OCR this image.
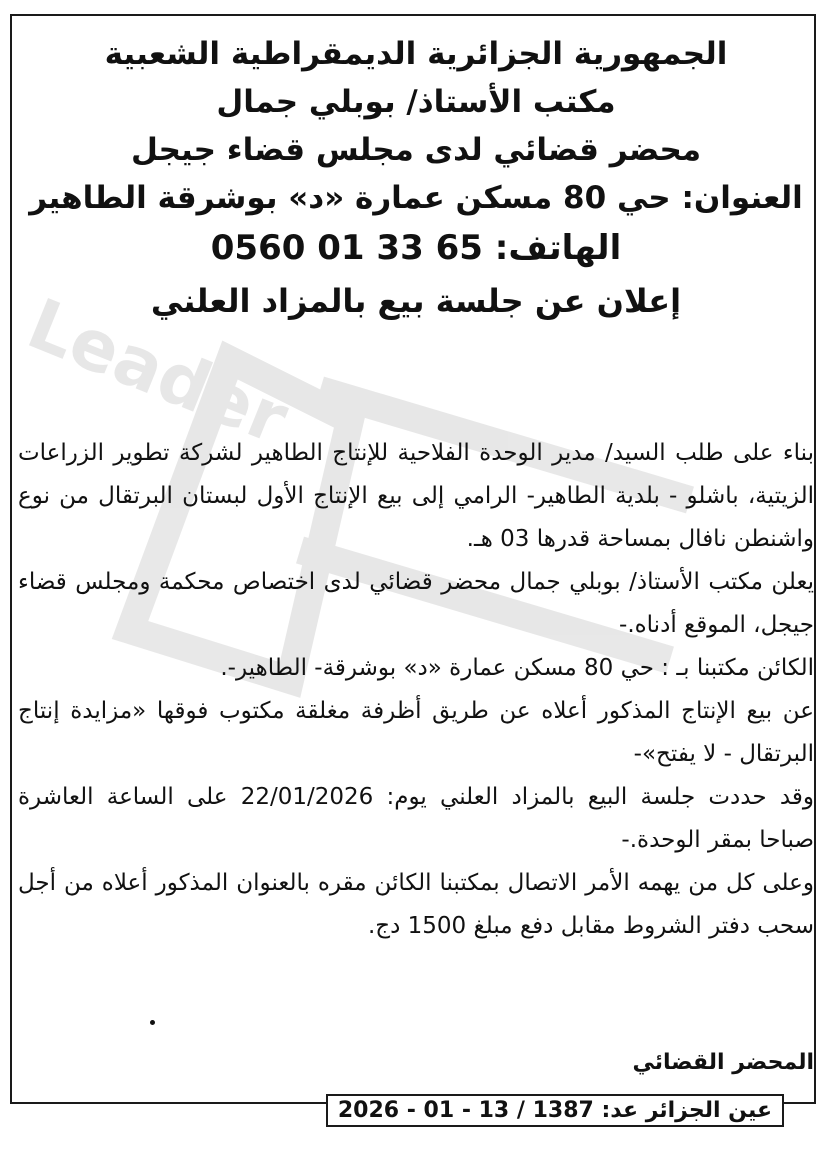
Leader
الجمهورية الجزائرية الديمقراطية الشعبية
مكتب الأستاذ/ بوبلي جمال
محضر قضائي لدى مجلس قضاء جيجل
العنوان: حي 80 مسكن عمارة «د» بوشرقة الطاهير
الهاتف: 65 33 01 0560
إعلان عن جلسة بيع بالمزاد العلني

بناء على طلب السيد/ مدير الوحدة الفلاحية للإنتاج الطاهير لشركة تطوير الزراعات الزيتية، باشلو - بلدية الطاهير- الرامي إلى بيع الإنتاج الأول لبستان البرتقال من نوع واشنطن نافال بمساحة قدرها 03 هـ.

يعلن مكتب الأستاذ/ بوبلي جمال محضر قضائي لدى اختصاص محكمة ومجلس قضاء جيجل، الموقع أدناه.-

الكائن مكتبنا بـ : حي 80 مسكن عمارة «د» بوشرقة- الطاهير-.

عن بيع الإنتاج المذكور أعلاه عن طريق أظرفة مغلقة مكتوب فوقها «مزايدة إنتاج البرتقال - لا يفتح»-

وقد حددت جلسة البيع بالمزاد العلني يوم: 22/01/2026 على الساعة العاشرة صباحا بمقر الوحدة.-

وعلى كل من يهمه الأمر الاتصال بمكتبنا الكائن مقره بالعنوان المذكور أعلاه من أجل سحب دفتر الشروط مقابل دفع مبلغ 1500 دج.

المحضر القضائي
عين الجزائر عد: 1387 / 13 - 01 - 2026
